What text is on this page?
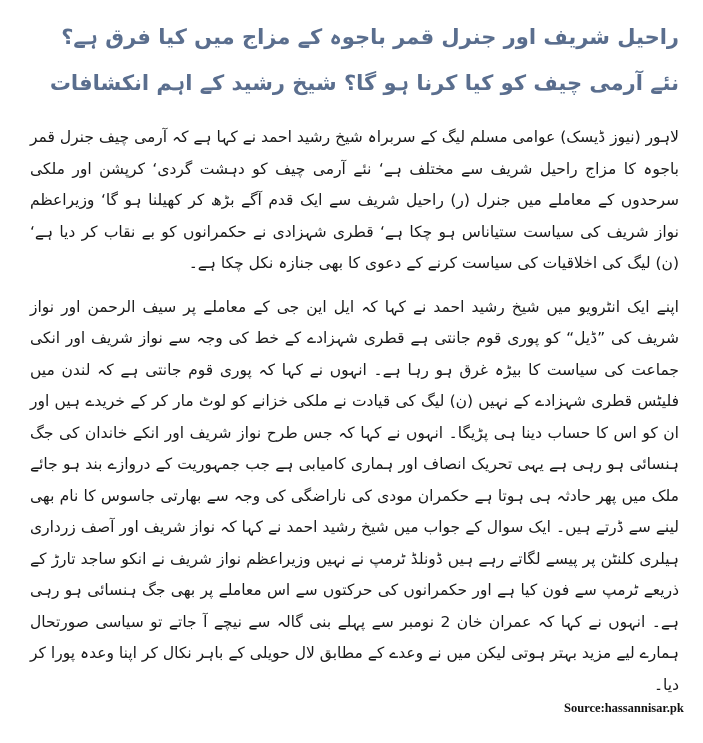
راحیل شریف اور جنرل قمر باجوہ کے مزاج میں کیا فرق ہے؟ نئے آرمی چیف کو کیا کرنا ہو گا؟ شیخ رشید کے اہم انکشافات

لاہور (نیوز ڈیسک) عوامی مسلم لیگ کے سربراہ شیخ رشید احمد نے کہا ہے کہ آرمی چیف جنرل قمر باجوہ کا مزاج راحیل شریف سے مختلف ہے‘ نئے آرمی چیف کو دہشت گردی‘ کرپشن اور ملکی سرحدوں کے معاملے میں جنرل (ر) راحیل شریف سے ایک قدم آگے بڑھ کر کھیلنا ہو گا‘ وزیراعظم نواز شریف کی سیاست ستیاناس ہو چکا ہے‘ قطری شہزادی نے حکمرانوں کو بے نقاب کر دیا ہے‘ (ن) لیگ کی اخلاقیات کی سیاست کرنے کے دعوی کا بھی جنازہ نکل چکا ہے۔

اپنے ایک انٹرویو میں شیخ رشید احمد نے کہا کہ ایل این جی کے معاملے پر سیف الرحمن اور نواز شریف کی ”ڈیل“ کو پوری قوم جانتی ہے قطری شہزادے کے خط کی وجہ سے نواز شریف اور انکی جماعت کی سیاست کا بیڑہ غرق ہو رہا ہے۔ انہوں نے کہا کہ پوری قوم جانتی ہے کہ لندن میں فلیٹس قطری شہزادے کے نہیں (ن) لیگ کی قیادت نے ملکی خزانے کو لوٹ مار کر کے خریدے ہیں اور ان کو اس کا حساب دینا ہی پڑیگا۔ انہوں نے کہا کہ جس طرح نواز شریف اور انکے خاندان کی جگ ہنسائی ہو رہی ہے یہی تحریک انصاف اور ہماری کامیابی ہے جب جمہوریت کے دروازے بند ہو جائے ملک میں پھر حادثہ ہی ہوتا ہے حکمران مودی کی ناراضگی کی وجہ سے بھارتی جاسوس کا نام بھی لینے سے ڈرتے ہیں۔ ایک سوال کے جواب میں شیخ رشید احمد نے کہا کہ نواز شریف اور آصف زرداری ہیلری کلنٹن پر پیسے لگاتے رہے ہیں ڈونلڈ ٹرمپ نے نہیں وزیراعظم نواز شریف نے انکو ساجد تارڑ کے ذریعے ٹرمپ سے فون کیا ہے اور حکمرانوں کی حرکتوں سے اس معاملے پر بھی جگ ہنسائی ہو رہی ہے۔ انہوں نے کہا کہ عمران خان 2 نومبر سے پہلے بنی گالہ سے نیچے آ جاتے تو سیاسی صورتحال ہمارے لیے مزید بہتر ہوتی لیکن میں نے وعدے کے مطابق لال حویلی کے باہر نکال کر اپنا وعدہ پورا کر دیا۔

Source:hassannisar.pk
